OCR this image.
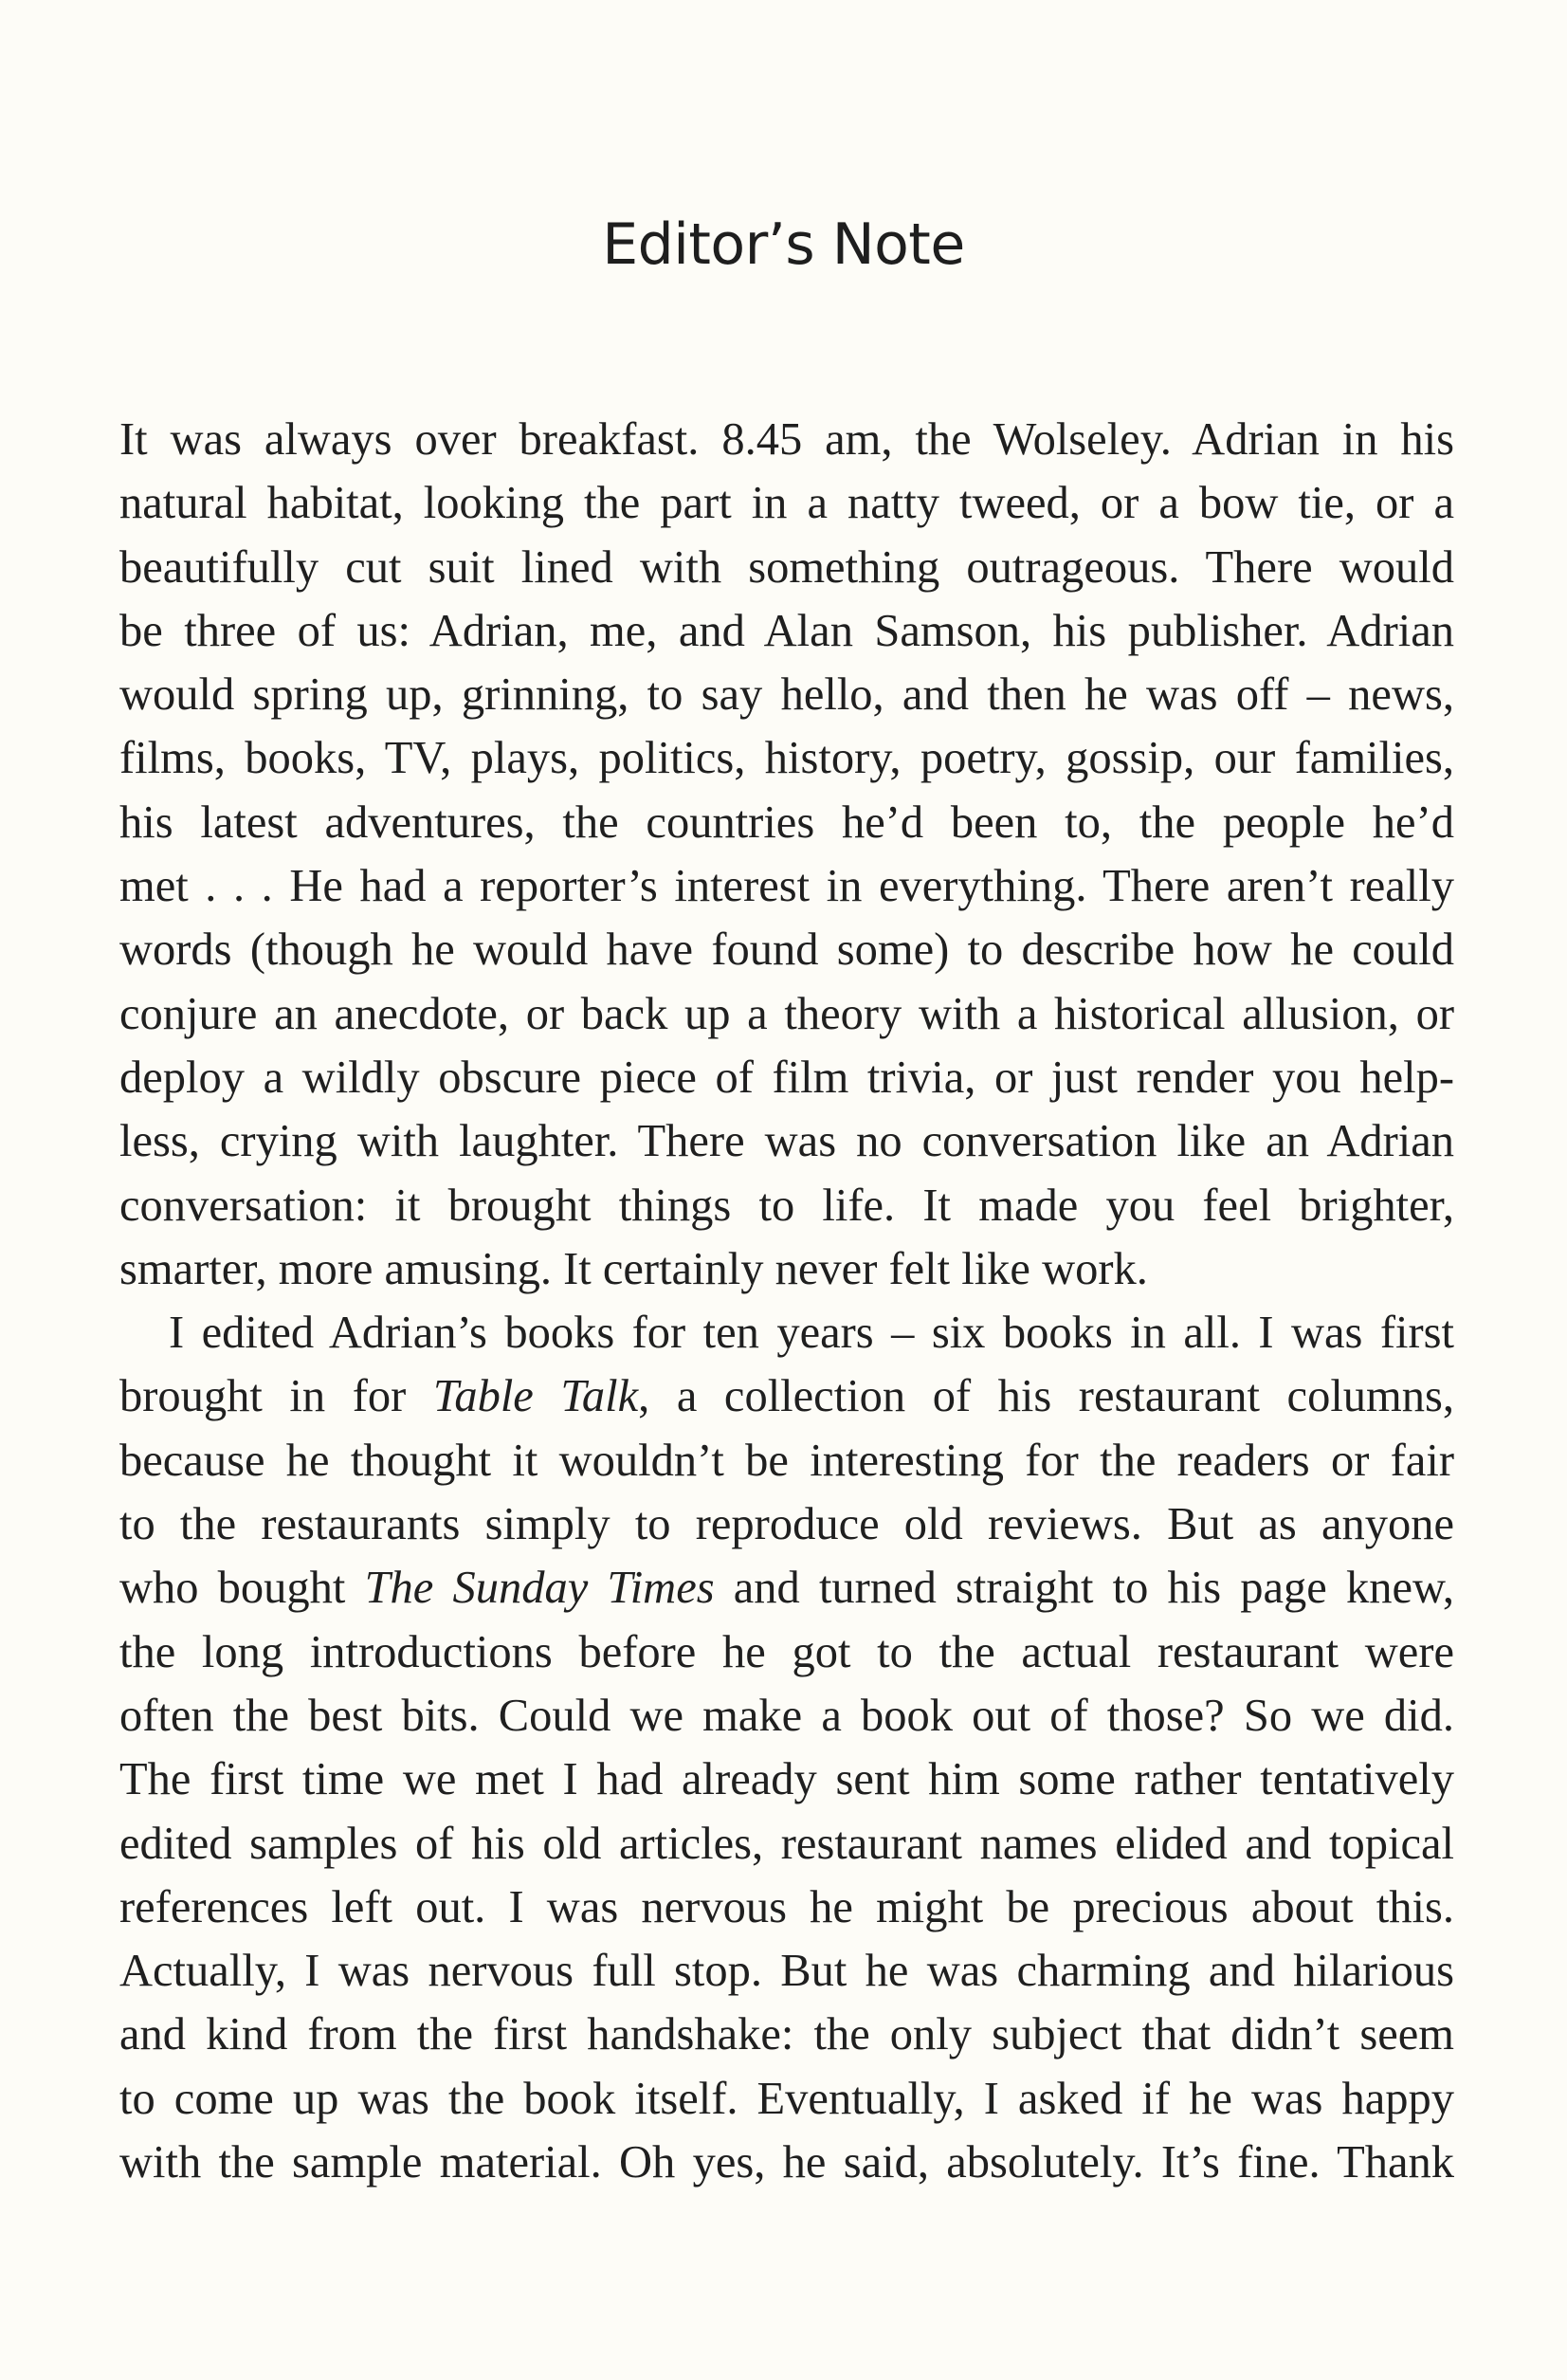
Editor’s Note
It was always over breakfast. 8.45 am, the Wolseley. Adrian in his
natural habitat, looking the part in a natty tweed, or a bow tie, or a
beautifully cut suit lined with something outrageous. There would
be three of us: Adrian, me, and Alan Samson, his publisher. Adrian
would spring up, grinning, to say hello, and then he was off – news,
films, books, TV, plays, politics, history, poetry, gossip, our families,
his latest adventures, the countries he’d been to, the people he’d
met . . . He had a reporter’s interest in everything. There aren’t really
words (though he would have found some) to describe how he could
conjure an anecdote, or back up a theory with a historical allusion, or
deploy a wildly obscure piece of film trivia, or just render you help-
less, crying with laughter. There was no conversation like an Adrian
conversation: it brought things to life. It made you feel brighter,
smarter, more amusing. It certainly never felt like work.
I edited Adrian’s books for ten years – six books in all. I was first
brought in for Table Talk, a collection of his restaurant columns,
because he thought it wouldn’t be interesting for the readers or fair
to the restaurants simply to reproduce old reviews. But as anyone
who bought The Sunday Times and turned straight to his page knew,
the long introductions before he got to the actual restaurant were
often the best bits. Could we make a book out of those? So we did.
The first time we met I had already sent him some rather tentatively
edited samples of his old articles, restaurant names elided and topical
references left out. I was nervous he might be precious about this.
Actually, I was nervous full stop. But he was charming and hilarious
and kind from the first handshake: the only subject that didn’t seem
to come up was the book itself. Eventually, I asked if he was happy
with the sample material. Oh yes, he said, absolutely. It’s fine. Thank
